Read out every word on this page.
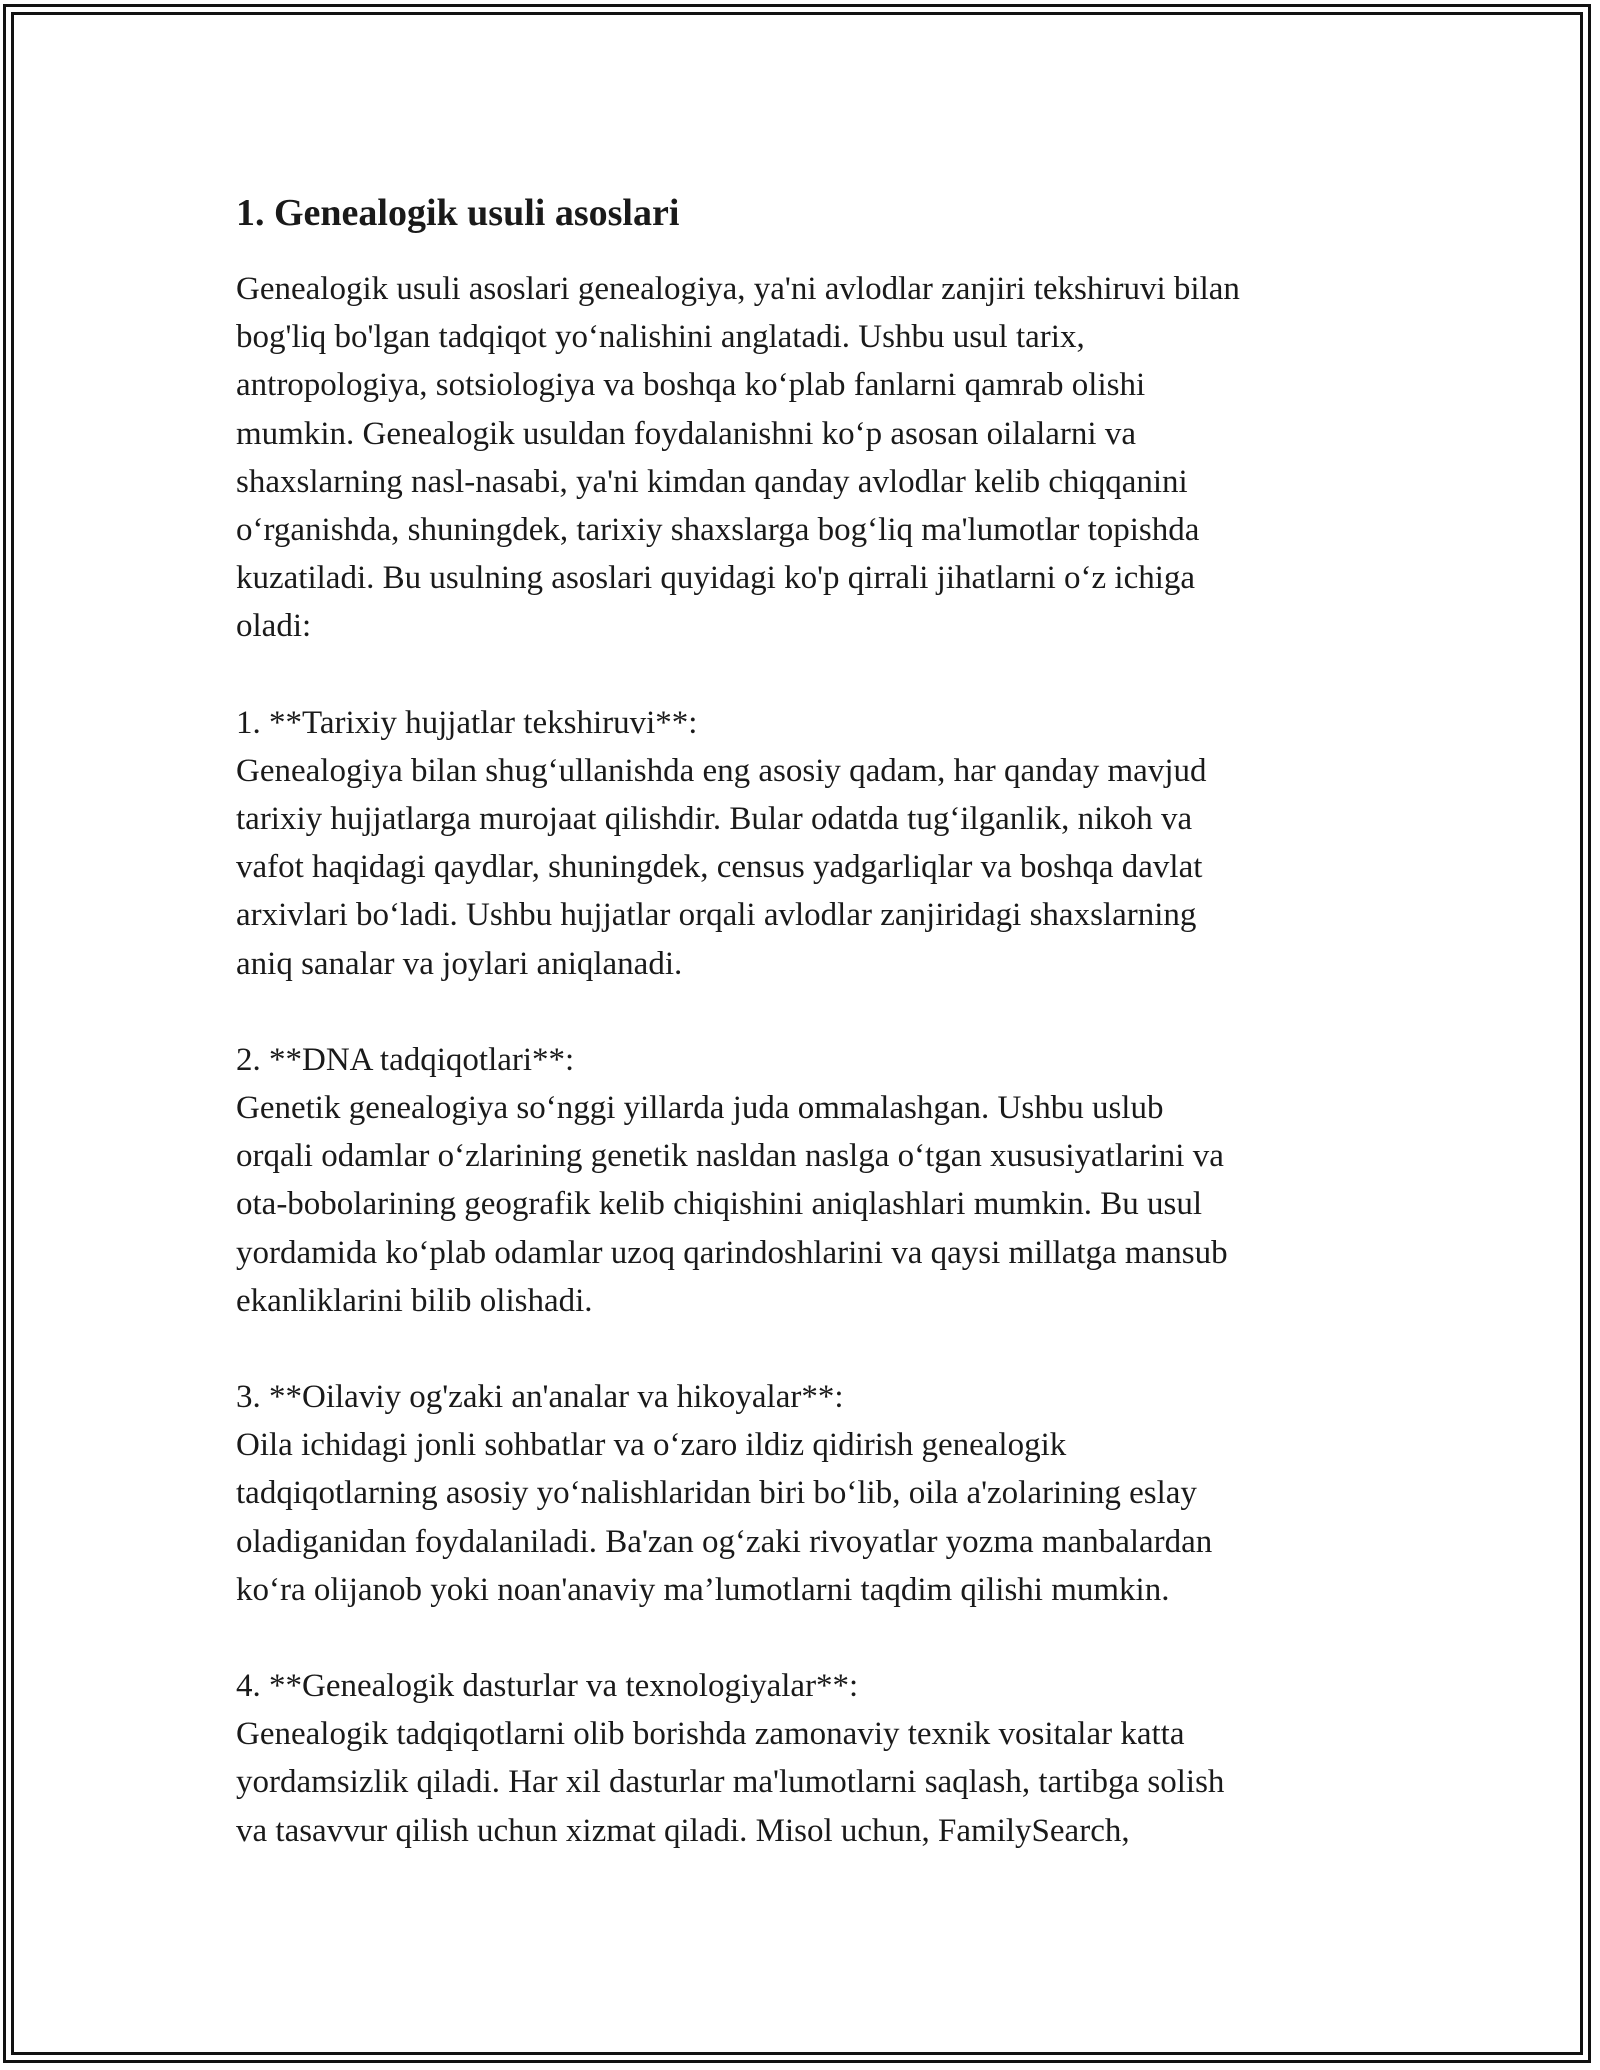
1. Genealogik usuli asoslari

Genealogik usuli asoslari genealogiya, ya'ni avlodlar zanjiri tekshiruvi bilan
bog'liq bo'lgan tadqiqot yo‘nalishini anglatadi. Ushbu usul tarix,
antropologiya, sotsiologiya va boshqa ko‘plab fanlarni qamrab olishi
mumkin. Genealogik usuldan foydalanishni ko‘p asosan oilalarni va
shaxslarning nasl-nasabi, ya'ni kimdan qanday avlodlar kelib chiqqanini
o‘rganishda, shuningdek, tarixiy shaxslarga bog‘liq ma'lumotlar topishda
kuzatiladi. Bu usulning asoslari quyidagi ko'p qirrali jihatlarni o‘z ichiga
oladi:

1. **Tarixiy hujjatlar tekshiruvi**:
Genealogiya bilan shug‘ullanishda eng asosiy qadam, har qanday mavjud
tarixiy hujjatlarga murojaat qilishdir. Bular odatda tug‘ilganlik, nikoh va
vafot haqidagi qaydlar, shuningdek, census yadgarliqlar va boshqa davlat
arxivlari bo‘ladi. Ushbu hujjatlar orqali avlodlar zanjiridagi shaxslarning
aniq sanalar va joylari aniqlanadi.

2. **DNA tadqiqotlari**:
Genetik genealogiya so‘nggi yillarda juda ommalashgan. Ushbu uslub
orqali odamlar o‘zlarining genetik nasldan naslga o‘tgan xususiyatlarini va
ota-bobolarining geografik kelib chiqishini aniqlashlari mumkin. Bu usul
yordamida ko‘plab odamlar uzoq qarindoshlarini va qaysi millatga mansub
ekanliklarini bilib olishadi.

3. **Oilaviy og'zaki an'analar va hikoyalar**:
Oila ichidagi jonli sohbatlar va o‘zaro ildiz qidirish genealogik
tadqiqotlarning asosiy yo‘nalishlaridan biri bo‘lib, oila a'zolarining eslay
oladiganidan foydalaniladi. Ba'zan og‘zaki rivoyatlar yozma manbalardan
ko‘ra olijanob yoki noan'anaviy ma’lumotlarni taqdim qilishi mumkin.

4. **Genealogik dasturlar va texnologiyalar**:
Genealogik tadqiqotlarni olib borishda zamonaviy texnik vositalar katta
yordamsizlik qiladi. Har xil dasturlar ma'lumotlarni saqlash, tartibga solish
va tasavvur qilish uchun xizmat qiladi. Misol uchun, FamilySearch,
